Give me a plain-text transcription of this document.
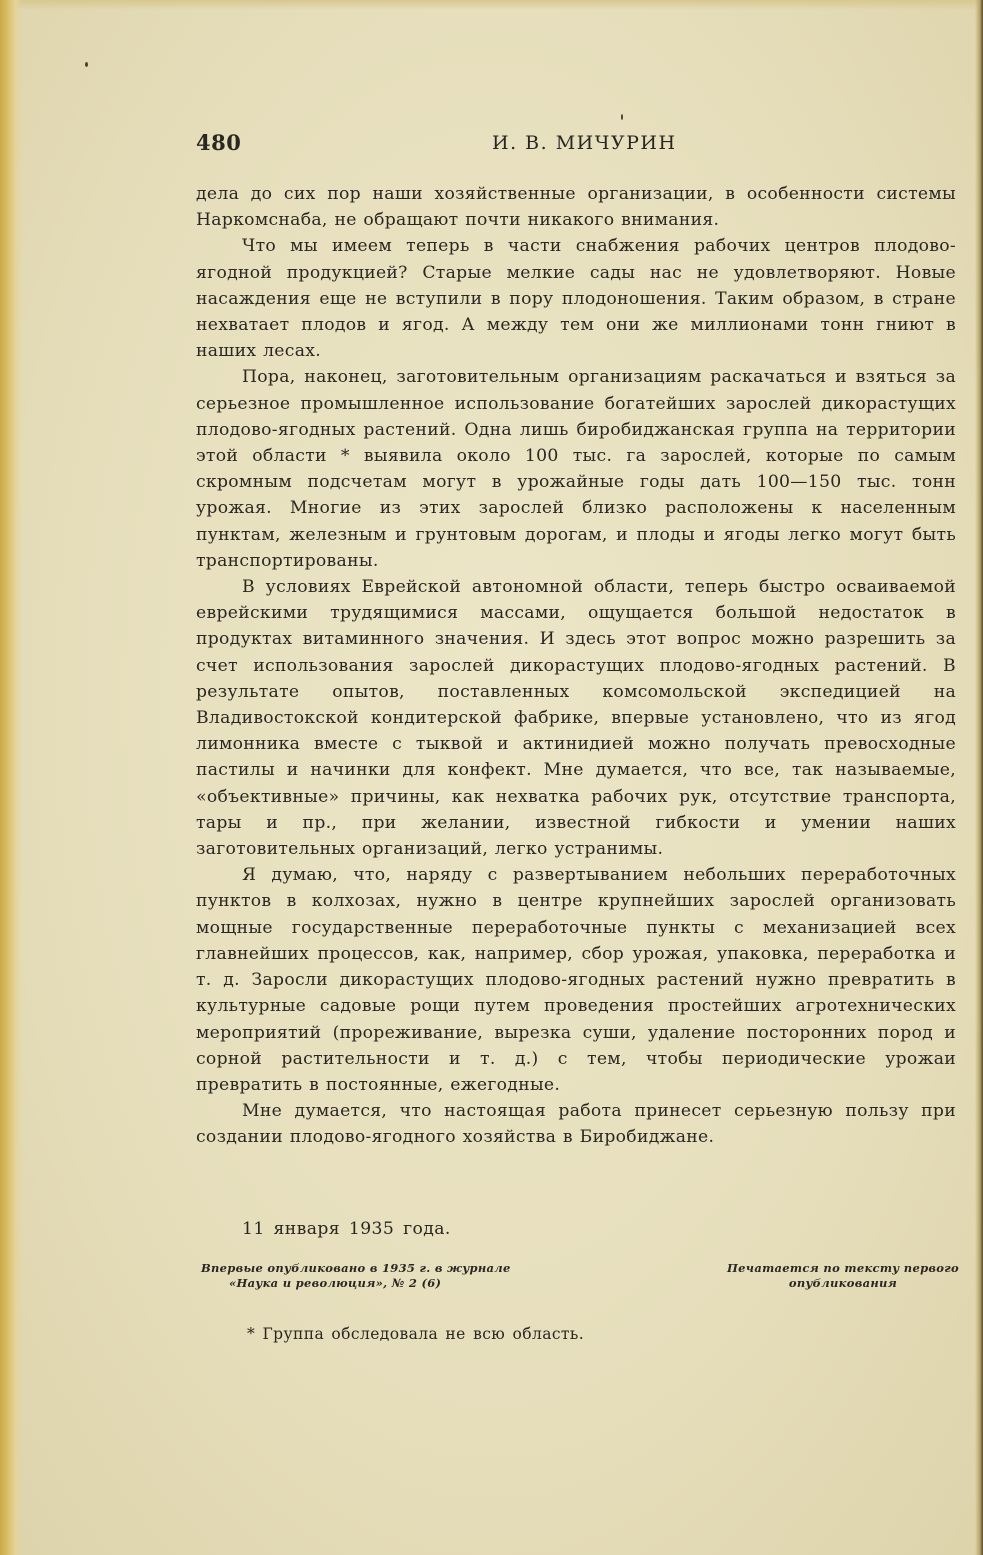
480	И. В. МИЧУРИН

дела до сих пор наши хозяйственные организации, в особенности системы Наркомснаба, не обращают почти никакого внимания.

Что мы имеем теперь в части снабжения рабочих центров плодово-ягодной продукцией? Старые мелкие сады нас не удовлетворяют. Новые насаждения еще не вступили в пору плодоношения. Таким образом, в стране нехватает плодов и ягод. А между тем они же миллионами тонн гниют в наших лесах.

Пора, наконец, заготовительным организациям раскачаться и взяться за серьезное промышленное использование богатейших зарослей дикорастущих плодово-ягодных растений. Одна лишь биробиджанская группа на территории этой области * выявила около 100 тыс. га зарослей, которые по самым скромным подсчетам могут в урожайные годы дать 100—150 тыс. тонн урожая. Многие из этих зарослей близко расположены к населенным пунктам, железным и грунтовым дорогам, и плоды и ягоды легко могут быть транспортированы.

В условиях Еврейской автономной области, теперь быстро осваиваемой еврейскими трудящимися массами, ощущается большой недостаток в продуктах витаминного значения. И здесь этот вопрос можно разрешить за счет использования зарослей дикорастущих плодово-ягодных растений. В результате опытов, поставленных комсомольской экспедицией на Владивостокской кондитерской фабрике, впервые установлено, что из ягод лимонника вместе с тыквой и актинидией можно получать превосходные пастилы и начинки для конфект. Мне думается, что все, так называемые, «объективные» причины, как нехватка рабочих рук, отсутствие транспорта, тары и пр., при желании, известной гибкости и умении наших заготовительных организаций, легко устранимы.

Я думаю, что, наряду с развертыванием небольших переработочных пунктов в колхозах, нужно в центре крупнейших зарослей организовать мощные государственные переработочные пункты с механизацией всех главнейших процессов, как, например, сбор урожая, упаковка, переработка и т. д. Заросли дикорастущих плодово-ягодных растений нужно превратить в культурные садовые рощи путем проведения простейших агротехнических мероприятий (прореживание, вырезка суши, удаление посторонних пород и сорной растительности и т. д.) с тем, чтобы периодические урожаи превратить в постоянные, ежегодные.

Мне думается, что настоящая работа принесет серьезную пользу при создании плодово-ягодного хозяйства в Биробиджане.

11 января 1935 года.
Впервые опубликовано в 1935 г. в журнале
«Наука и революция», № 2 (6)
Печатается по тексту первого
опубликования
* Группа обследовала не всю область.
